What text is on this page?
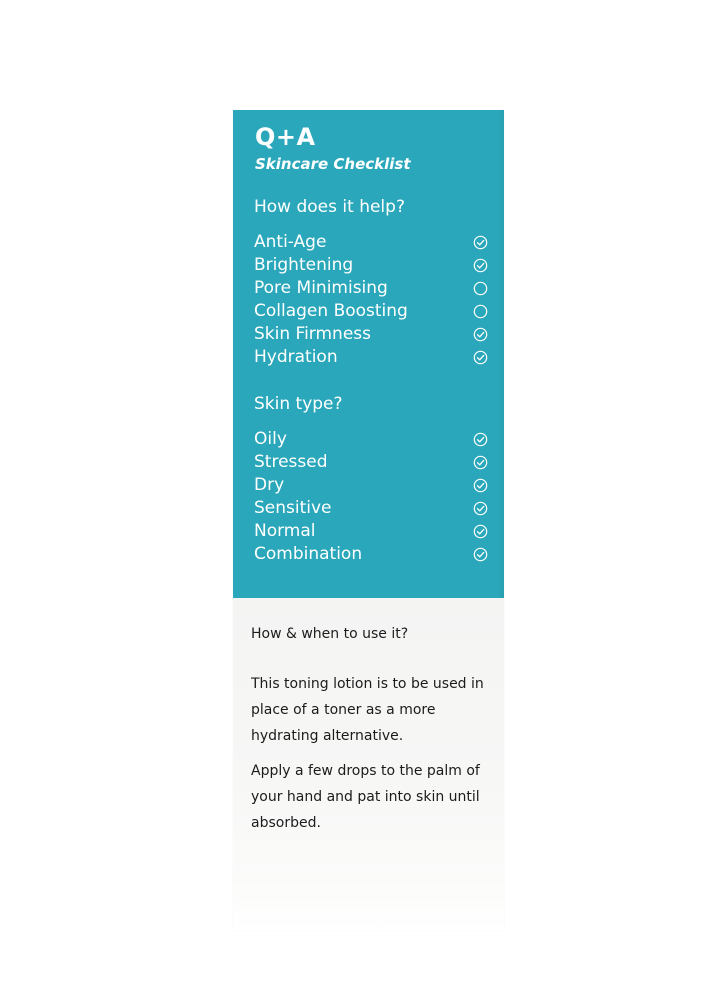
Q+A
Skincare Checklist
How does it help?
Anti-Age
Brightening
Pore Minimising
Collagen Boosting
Skin Firmness
Hydration
Skin type?
Oily
Stressed
Dry
Sensitive
Normal
Combination
How & when to use it?

This toning lotion is to be used in place of a toner as a more hydrating alternative.

Apply a few drops to the palm of your hand and pat into skin until absorbed.
